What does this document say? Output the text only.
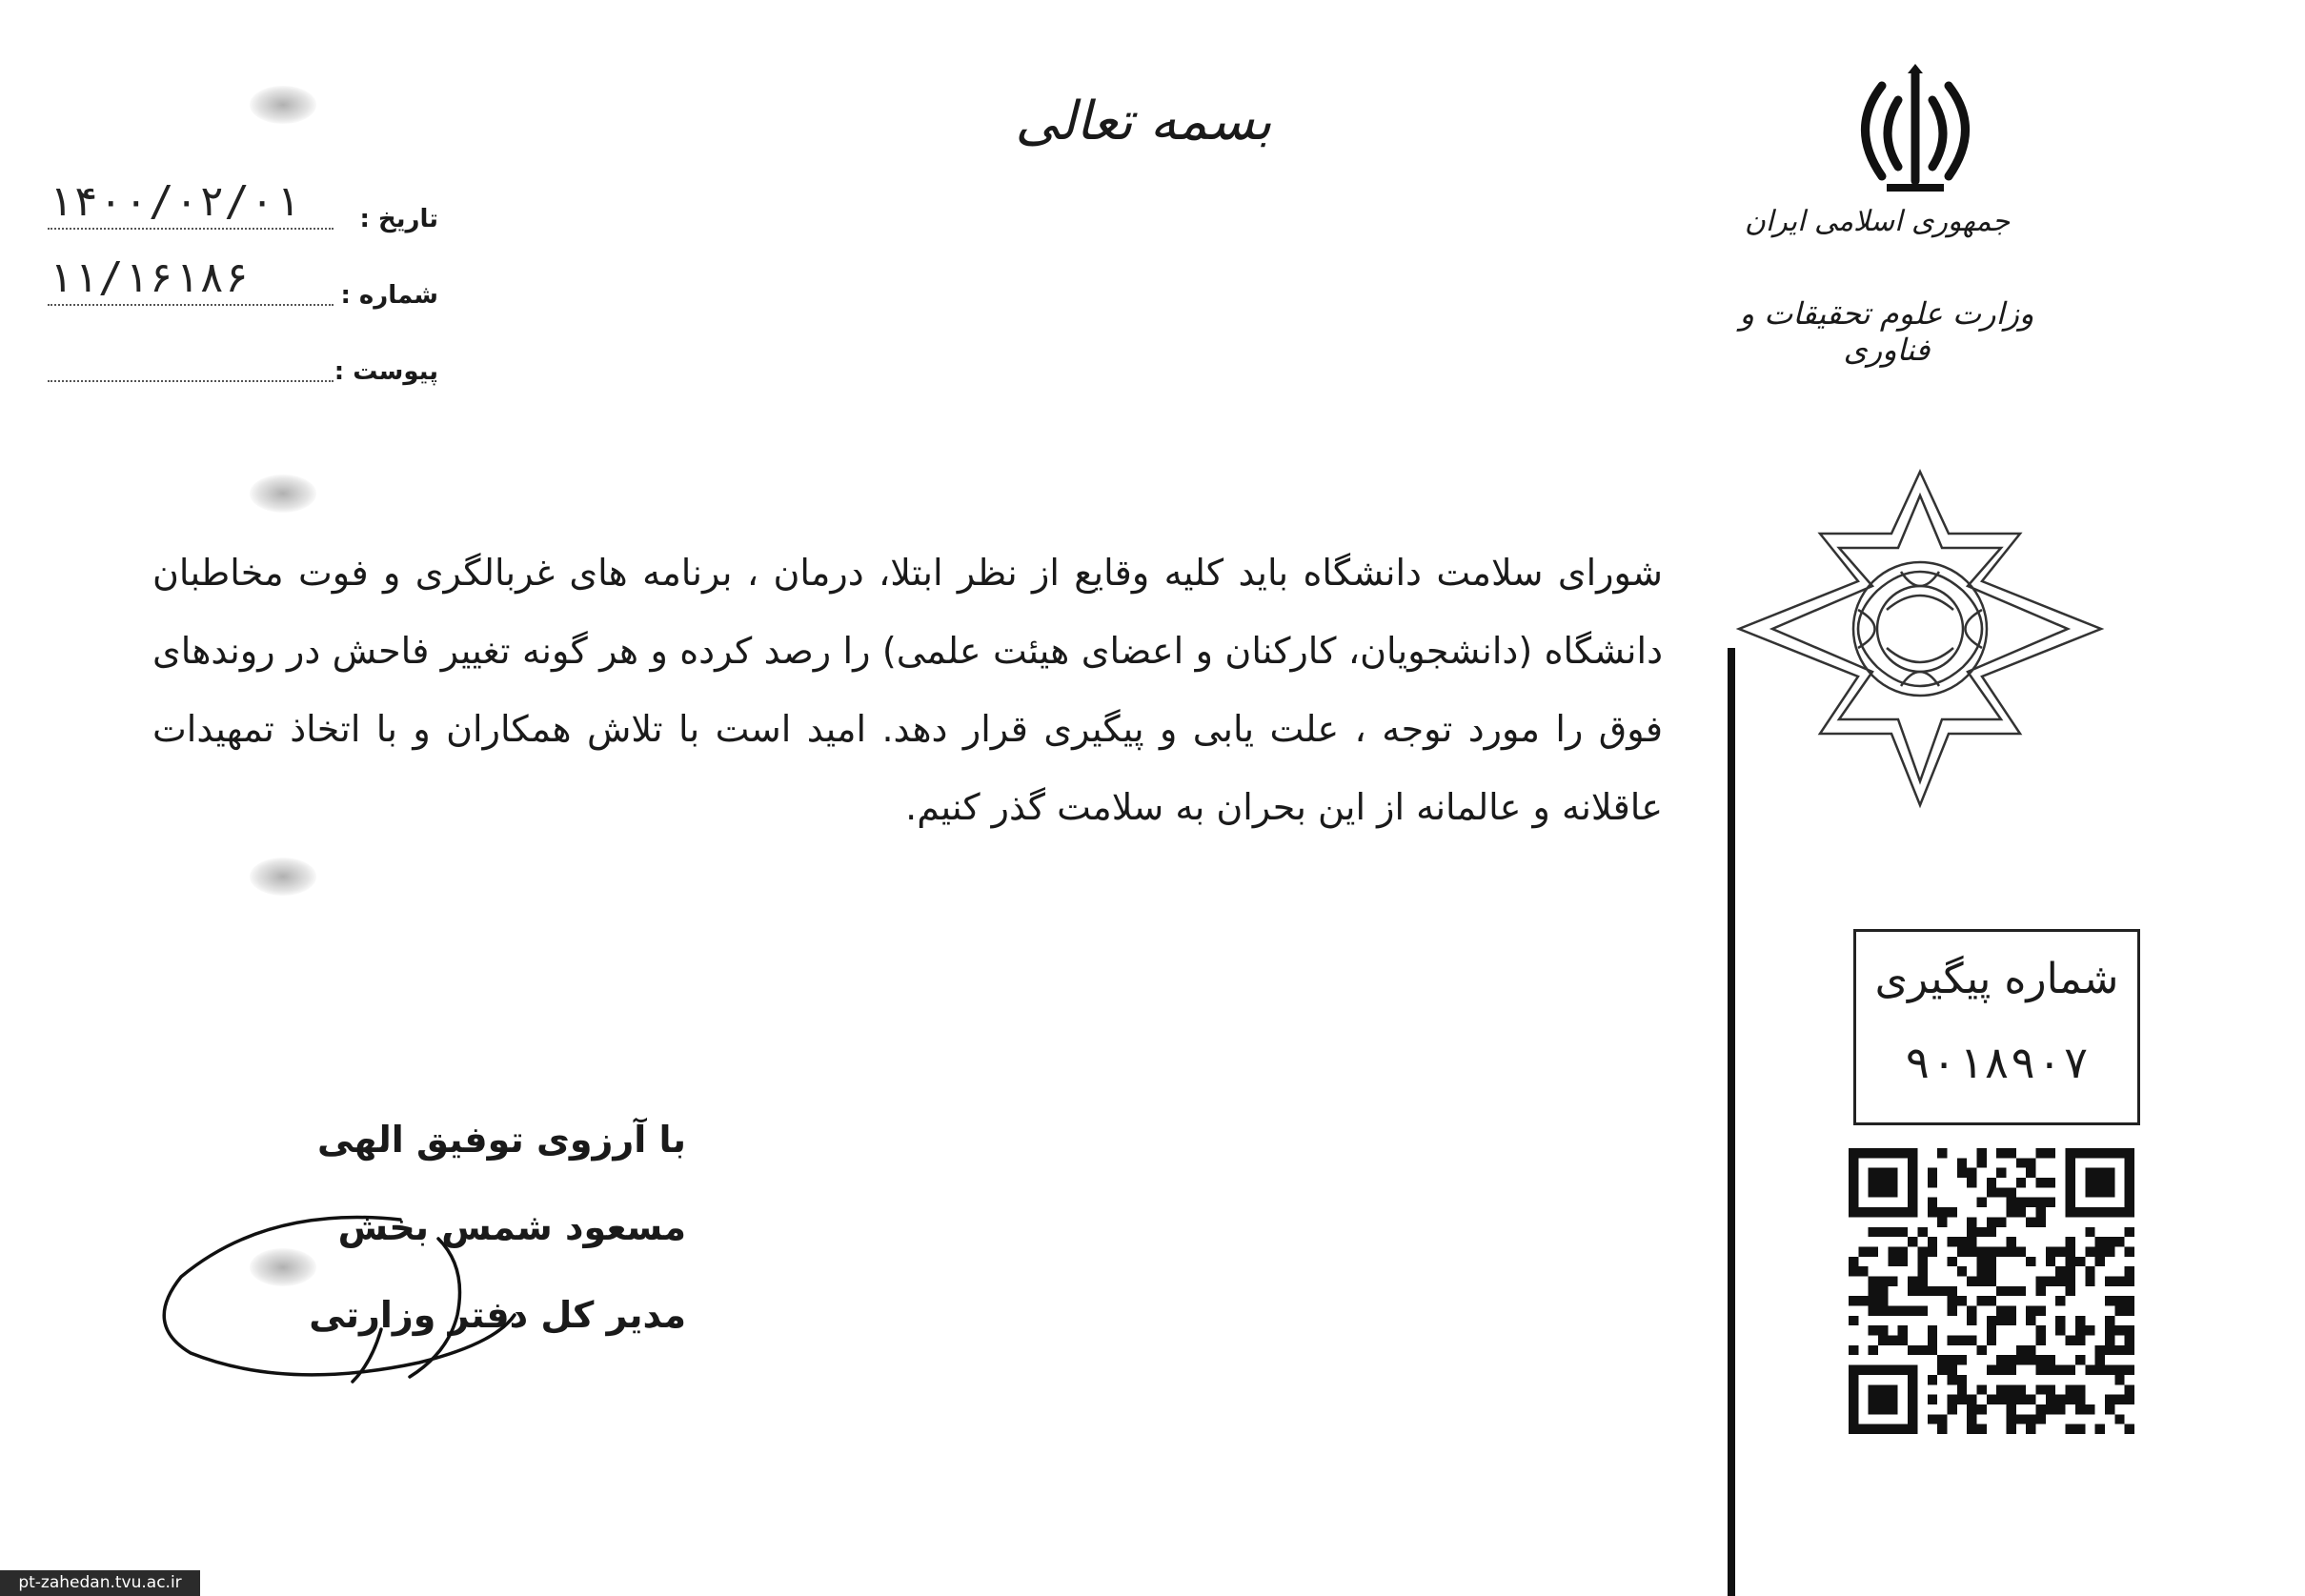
بسمه تعالی
۱۴۰۰/۰۲/۰۱ تاریخ :
۱۱/۱۶۱۸۶	شماره :
پیوست :
جمهوری اسلامی ایران
وزارت علوم تحقیقات و فناوری
شورای سلامت دانشگاه باید کلیه وقایع از نظر ابتلا، درمان ، برنامه های غربالگری و فوت مخاطبان دانشگاه (دانشجویان، کارکنان و اعضای هیئت علمی) را رصد کرده و هر گونه تغییر فاحش در روندهای فوق را مورد توجه ، علت یابی و پیگیری قرار دهد. امید است با تلاش همکاران و با اتخاذ تمهیدات عاقلانه و عالمانه از این بحران به سلامت گذر کنیم.
با آرزوی توفیق الهی
مسعود شمس بخش
مدیر کل دفتر وزارتی
شماره پیگیری
۹۰۱۸۹۰۷
pt-zahedan.tvu.ac.ir
